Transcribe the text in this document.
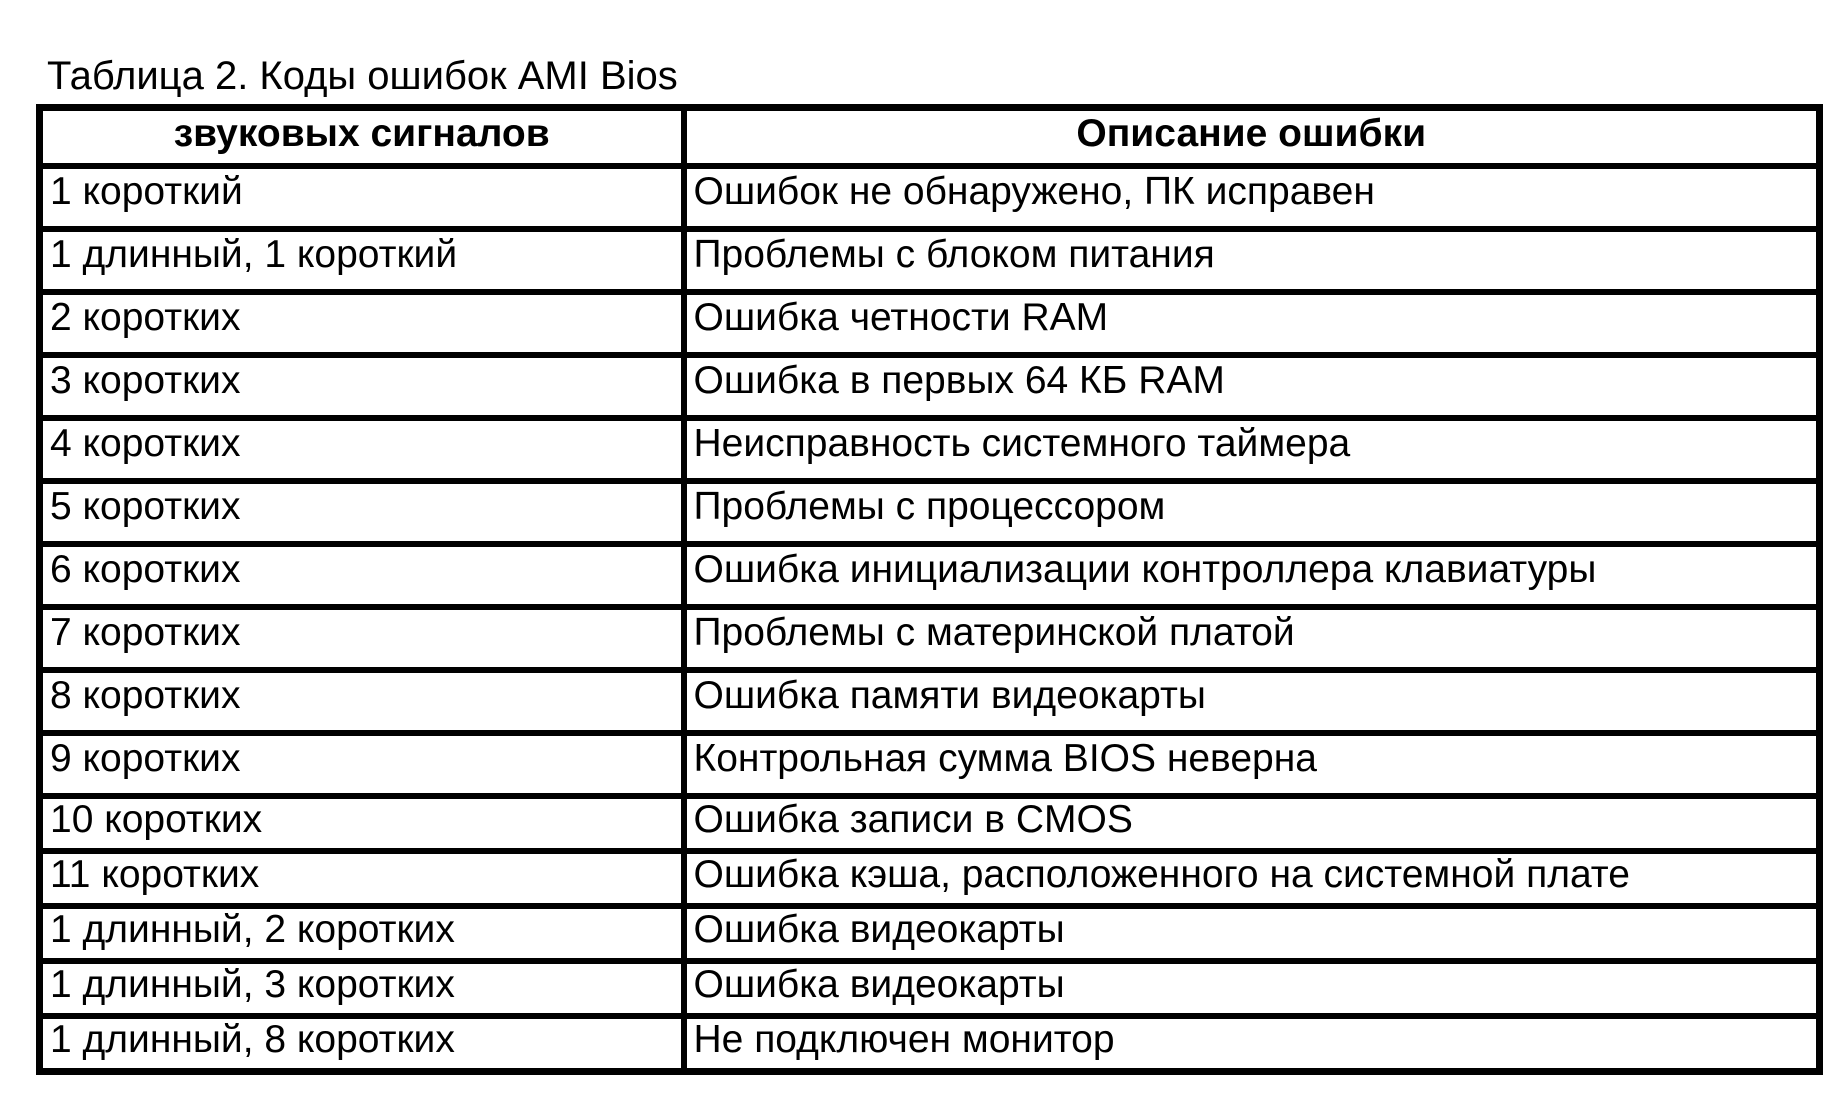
Таблица 2. Коды ошибок AMI Bios
звуковых сигналов	Описание ошибки
1 короткий	Ошибок не обнаружено, ПК исправен
1 длинный, 1 короткий	Проблемы с блоком питания
2 коротких	Ошибка четности RAM
3 коротких	Ошибка в первых 64 КБ RAM
4 коротких	Неисправность системного таймера
5 коротких	Проблемы с процессором
6 коротких	Ошибка инициализации контроллера клавиатуры
7 коротких	Проблемы с материнской платой
8 коротких	Ошибка памяти видеокарты
9 коротких	Контрольная сумма BIOS неверна
10 коротких	Ошибка записи в CMOS
11 коротких	Ошибка кэша, расположенного на системной плате
1 длинный, 2 коротких	Ошибка видеокарты
1 длинный, 3 коротких	Ошибка видеокарты
1 длинный, 8 коротких	Не подключен монитор
